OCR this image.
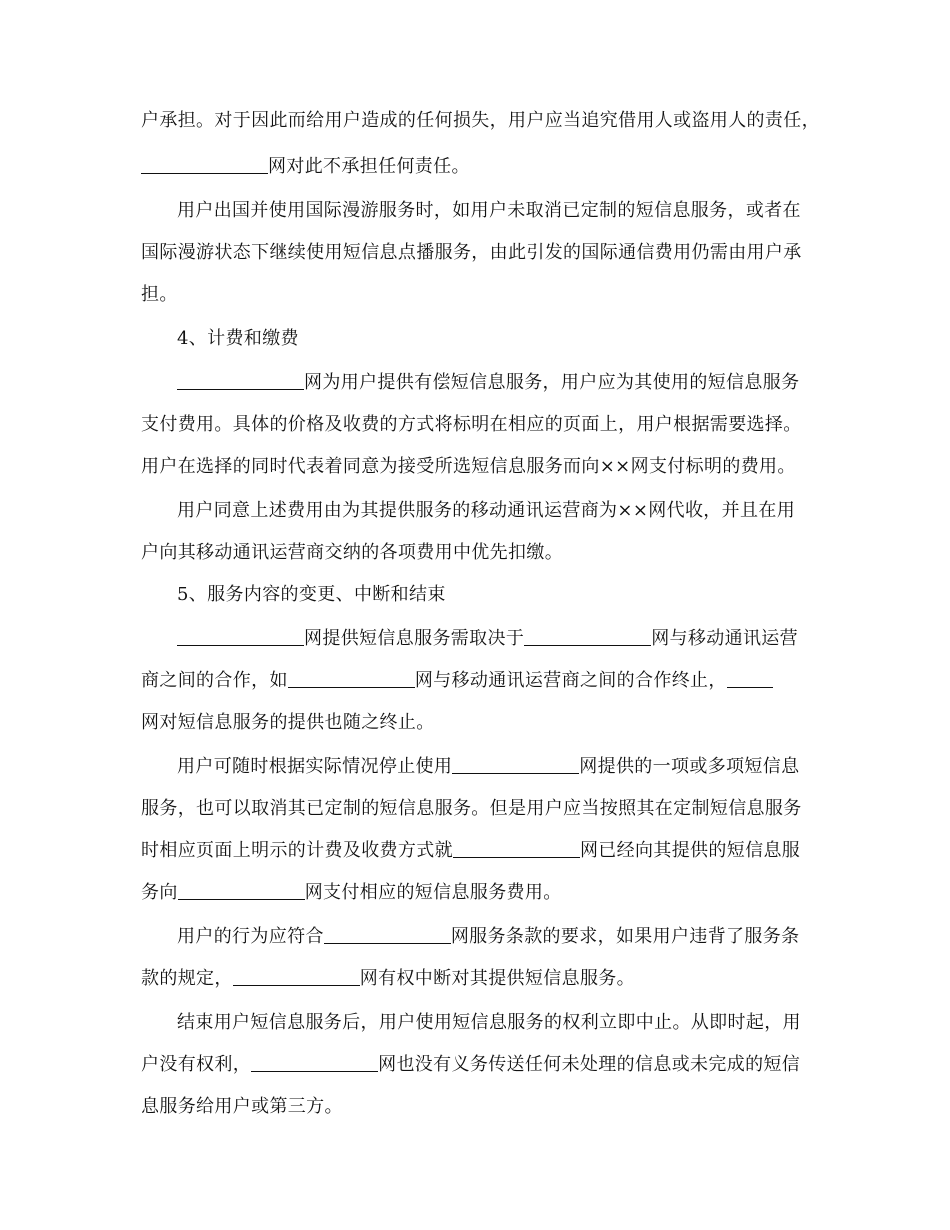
户承担。对于因此而给用户造成的任何损失，用户应当追究借用人或盗用人的责任，
网对此不承担任何责任。
用户出国并使用国际漫游服务时，如用户未取消已定制的短信息服务，或者在
国际漫游状态下继续使用短信息点播服务，由此引发的国际通信费用仍需由用户承
担。
4、计费和缴费
网为用户提供有偿短信息服务，用户应为其使用的短信息服务
支付费用。具体的价格及收费的方式将标明在相应的页面上，用户根据需要选择。
用户在选择的同时代表着同意为接受所选短信息服务而向××网支付标明的费用。
用户同意上述费用由为其提供服务的移动通讯运营商为××网代收，并且在用
户向其移动通讯运营商交纳的各项费用中优先扣缴。
5、服务内容的变更、中断和结束
网提供短信息服务需取决于	网与移动通讯运营
商之间的合作，如	网与移动通讯运营商之间的合作终止，
网对短信息服务的提供也随之终止。
用户可随时根据实际情况停止使用	网提供的一项或多项短信息
服务，也可以取消其已定制的短信息服务。但是用户应当按照其在定制短信息服务
时相应页面上明示的计费及收费方式就	网已经向其提供的短信息服
务向	网支付相应的短信息服务费用。
用户的行为应符合	网服务条款的要求，如果用户违背了服务条
款的规定，	网有权中断对其提供短信息服务。
结束用户短信息服务后，用户使用短信息服务的权利立即中止。从即时起，用
户没有权利，	网也没有义务传送任何未处理的信息或未完成的短信
息服务给用户或第三方。
